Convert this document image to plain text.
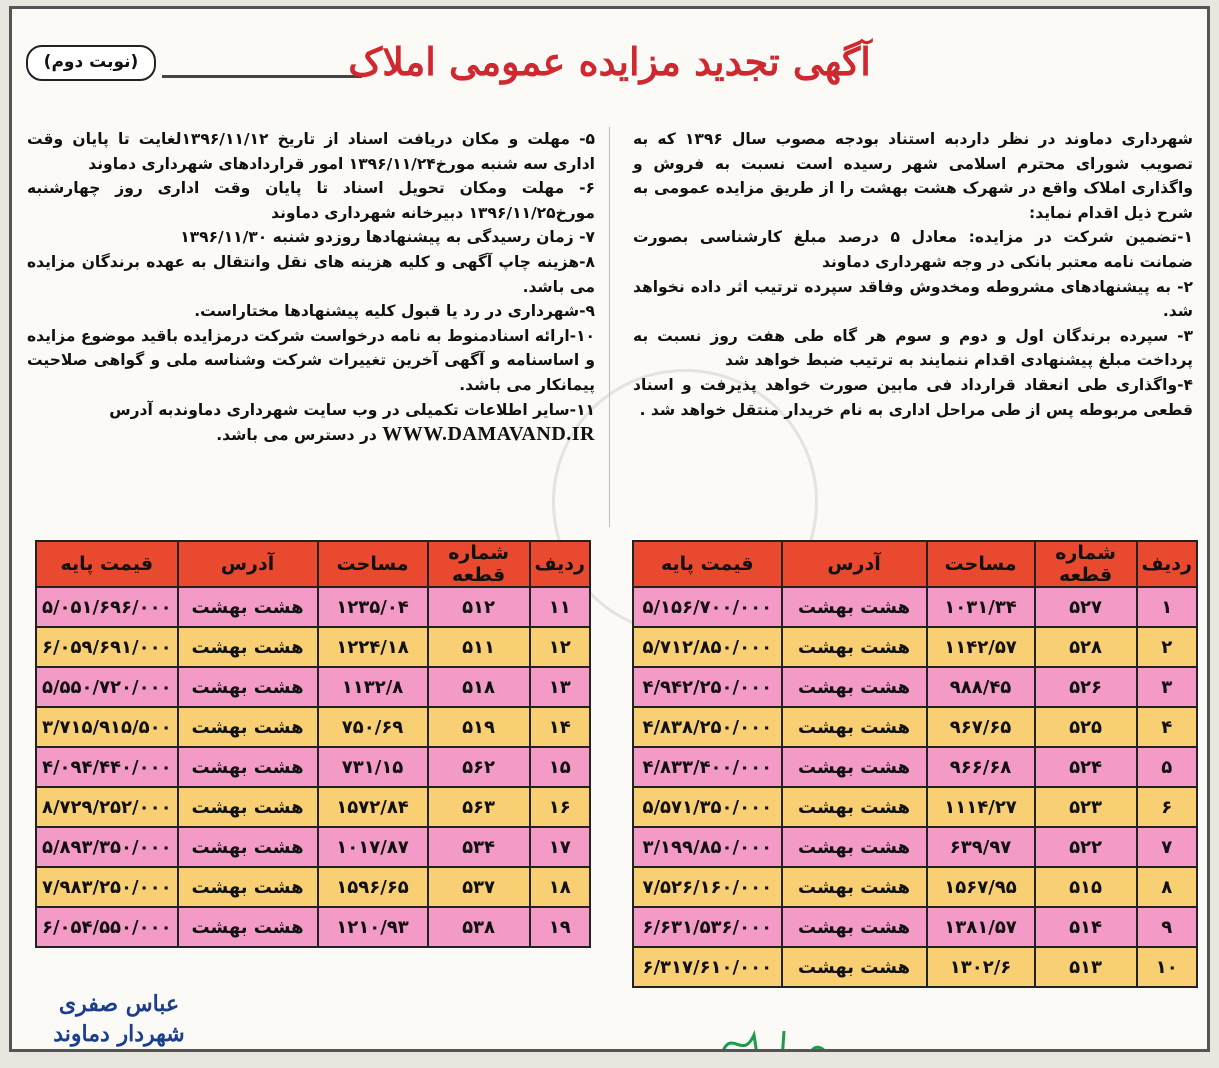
(نوبت دوم)	آگهی تجدید مزایده عمومی املاک

شهرداری دماوند در نظر داردبه استناد بودجه مصوب سال ۱۳۹۶ که به تصویب شورای محترم اسلامی شهر رسیده است نسبت به فروش و واگذاری املاک واقع در شهرک هشت بهشت را از طریق مزایده عمومی به شرح ذیل اقدام نماید:

۱-تضمین شرکت در مزایده: معادل ۵ درصد مبلغ کارشناسی بصورت ضمانت نامه معتبر بانکی در وجه شهرداری دماوند

۲- به پیشنهادهای مشروطه ومخدوش وفاقد سپرده ترتیب اثر داده نخواهد شد.

۳- سپرده برندگان اول و دوم و سوم هر گاه طی هفت روز نسبت به پرداخت مبلغ پیشنهادی اقدام ننمایند به ترتیب ضبط خواهد شد

۴-واگذاری طی انعقاد قرارداد فی مابین صورت خواهد پذیرفت و اسناد قطعی مربوطه پس از طی مراحل اداری به نام خریدار منتقل خواهد شد .

۵- مهلت و مکان دریافت اسناد از تاریخ ۱۳۹۶/۱۱/۱۲لغایت تا پایان وقت اداری سه شنبه مورخ۱۳۹۶/۱۱/۲۴ امور قراردادهای شهرداری دماوند

۶- مهلت ومکان تحویل اسناد تا پایان وقت اداری روز چهارشنبه مورخ۱۳۹۶/۱۱/۲۵ دبیرخانه شهرداری دماوند

۷- زمان رسیدگی به پیشنهادها روزدو شنبه ۱۳۹۶/۱۱/۳۰

۸-هزینه چاپ آگهی و کلیه هزینه های نقل وانتقال به عهده برندگان مزایده می باشد.

۹-شهرداری در رد یا قبول کلیه پیشنهادها مختاراست.

۱۰-ارائه اسنادمنوط به نامه درخواست شرکت درمزایده باقید موضوع مزایده و اساسنامه و آگهی آخرین تغییرات شرکت وشناسه ملی و گواهی صلاحیت پیمانکار می باشد.

۱۱-سایر اطلاعات تکمیلی در وب سایت شهرداری دماوندبه آدرس

WWW.DAMAVAND.IR در دسترس می باشد.

ردیف	شماره قطعه	مساحت	آدرس	قیمت پایه
۱	۵۲۷	۱۰۳۱/۳۴	هشت بهشت	۵/۱۵۶/۷۰۰/۰۰۰
۲	۵۲۸	۱۱۴۲/۵۷	هشت بهشت	۵/۷۱۲/۸۵۰/۰۰۰
۳	۵۲۶	۹۸۸/۴۵	هشت بهشت	۴/۹۴۲/۲۵۰/۰۰۰
۴	۵۲۵	۹۶۷/۶۵	هشت بهشت	۴/۸۳۸/۲۵۰/۰۰۰
۵	۵۲۴	۹۶۶/۶۸	هشت بهشت	۴/۸۳۳/۴۰۰/۰۰۰
۶	۵۲۳	۱۱۱۴/۲۷	هشت بهشت	۵/۵۷۱/۳۵۰/۰۰۰
۷	۵۲۲	۶۳۹/۹۷	هشت بهشت	۳/۱۹۹/۸۵۰/۰۰۰
۸	۵۱۵	۱۵۶۷/۹۵	هشت بهشت	۷/۵۲۶/۱۶۰/۰۰۰
۹	۵۱۴	۱۳۸۱/۵۷	هشت بهشت	۶/۶۳۱/۵۳۶/۰۰۰
۱۰	۵۱۳	۱۳۰۲/۶	هشت بهشت	۶/۳۱۷/۶۱۰/۰۰۰
ردیف	شماره قطعه	مساحت	آدرس	قیمت پایه
۱۱	۵۱۲	۱۲۳۵/۰۴	هشت بهشت	۵/۰۵۱/۶۹۶/۰۰۰
۱۲	۵۱۱	۱۲۲۴/۱۸	هشت بهشت	۶/۰۵۹/۶۹۱/۰۰۰
۱۳	۵۱۸	۱۱۳۲/۸	هشت بهشت	۵/۵۵۰/۷۲۰/۰۰۰
۱۴	۵۱۹	۷۵۰/۶۹	هشت بهشت	۳/۷۱۵/۹۱۵/۵۰۰
۱۵	۵۶۲	۷۳۱/۱۵	هشت بهشت	۴/۰۹۴/۴۴۰/۰۰۰
۱۶	۵۶۳	۱۵۷۲/۸۴	هشت بهشت	۸/۷۲۹/۲۵۲/۰۰۰
۱۷	۵۳۴	۱۰۱۷/۸۷	هشت بهشت	۵/۸۹۳/۳۵۰/۰۰۰
۱۸	۵۳۷	۱۵۹۶/۶۵	هشت بهشت	۷/۹۸۳/۲۵۰/۰۰۰
۱۹	۵۳۸	۱۲۱۰/۹۳	هشت بهشت	۶/۰۵۴/۵۵۰/۰۰۰
عباس صفری
شهردار دماوند
